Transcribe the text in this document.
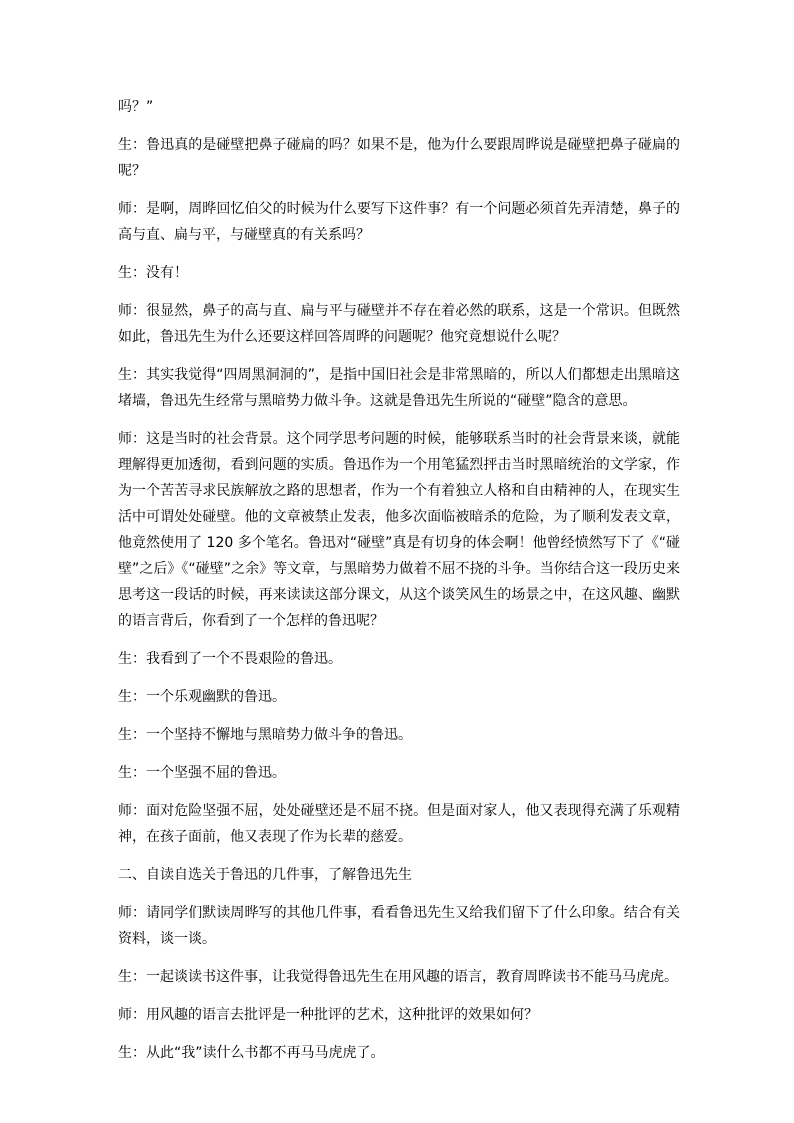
吗？”

生：鲁迅真的是碰壁把鼻子碰扁的吗？如果不是，他为什么要跟周晔说是碰壁把鼻子碰扁的呢？

师：是啊，周晔回忆伯父的时候为什么要写下这件事？有一个问题必须首先弄清楚，鼻子的高与直、扁与平，与碰壁真的有关系吗？

生：没有！

师：很显然，鼻子的高与直、扁与平与碰壁并不存在着必然的联系，这是一个常识。但既然如此，鲁迅先生为什么还要这样回答周晔的问题呢？他究竟想说什么呢？

生：其实我觉得“四周黑洞洞的”，是指中国旧社会是非常黑暗的，所以人们都想走出黑暗这堵墙，鲁迅先生经常与黑暗势力做斗争。这就是鲁迅先生所说的“碰壁”隐含的意思。

师：这是当时的社会背景。这个同学思考问题的时候，能够联系当时的社会背景来谈，就能理解得更加透彻，看到问题的实质。鲁迅作为一个用笔猛烈抨击当时黑暗统治的文学家，作为一个苦苦寻求民族解放之路的思想者，作为一个有着独立人格和自由精神的人，在现实生活中可谓处处碰壁。他的文章被禁止发表，他多次面临被暗杀的危险，为了顺利发表文章，他竟然使用了 120 多个笔名。鲁迅对“碰壁”真是有切身的体会啊！他曾经愤然写下了《“碰壁”之后》《“碰壁”之余》等文章，与黑暗势力做着不屈不挠的斗争。当你结合这一段历史来思考这一段话的时候，再来读读这部分课文，从这个谈笑风生的场景之中，在这风趣、幽默的语言背后，你看到了一个怎样的鲁迅呢？

生：我看到了一个不畏艰险的鲁迅。

生：一个乐观幽默的鲁迅。

生：一个坚持不懈地与黑暗势力做斗争的鲁迅。

生：一个坚强不屈的鲁迅。

师：面对危险坚强不屈，处处碰壁还是不屈不挠。但是面对家人，他又表现得充满了乐观精神，在孩子面前，他又表现了作为长辈的慈爱。

二、自读自选关于鲁迅的几件事，了解鲁迅先生

师：请同学们默读周晔写的其他几件事，看看鲁迅先生又给我们留下了什么印象。结合有关资料，谈一谈。

生：一起谈读书这件事，让我觉得鲁迅先生在用风趣的语言，教育周晔读书不能马马虎虎。

师：用风趣的语言去批评是一种批评的艺术，这种批评的效果如何？

生：从此“我”读什么书都不再马马虎虎了。
